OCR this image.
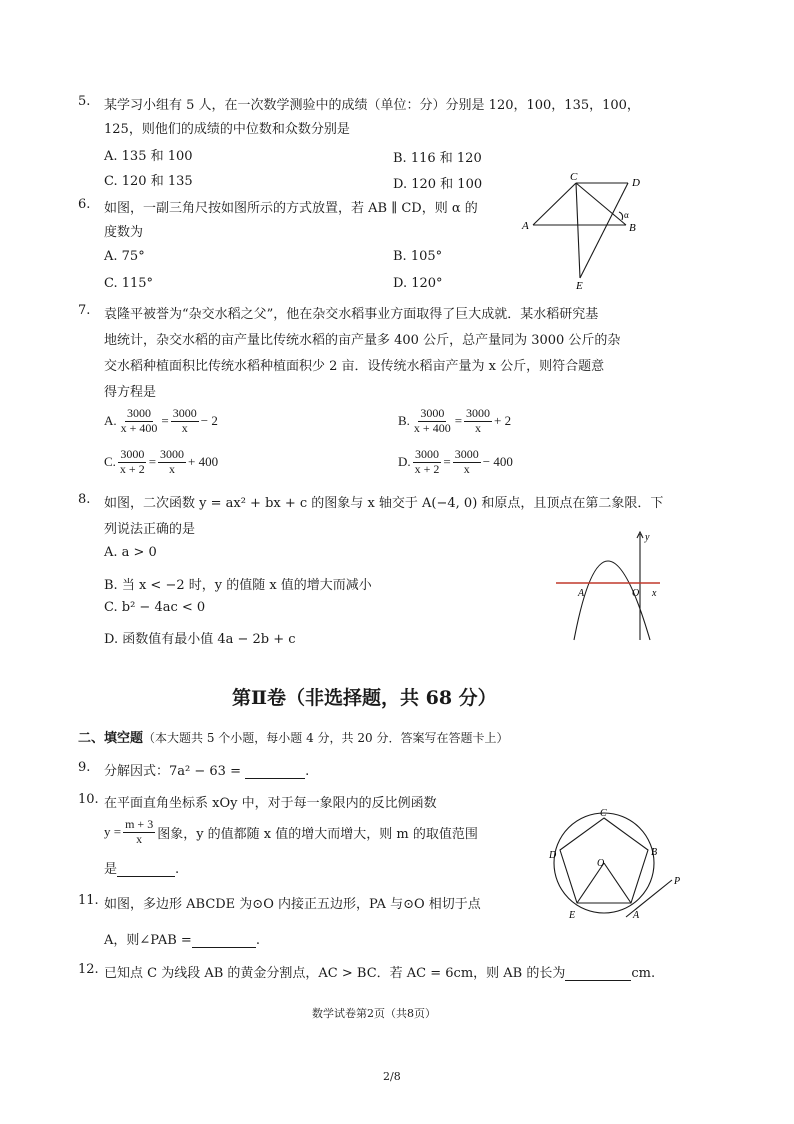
5. 某学习小组有 5 人，在一次数学测验中的成绩（单位：分）分别是 120，100，135，100，
125，则他们的成绩的中位数和众数分别是
A. 135 和 100	B. 116 和 120
C. 120 和 135	D. 120 和 100
6. 如图，一副三角尺按如图所示的方式放置，若 AB ∥ CD，则 α 的
度数为
A. 75°	B. 105°
C. 115°	D. 120°
C	D
A	B
E
α
7. 袁隆平被誉为“杂交水稻之父”，他在杂交水稻事业方面取得了巨大成就．某水稻研究基
地统计，杂交水稻的亩产量比传统水稻的亩产量多 400 公斤，总产量同为 3000 公斤的杂
交水稻种植面积比传统水稻种植面积少 2 亩．设传统水稻亩产量为 x 公斤，则符合题意
得方程是
A. $\frac{3000}{x + 400} = \frac{3000}{x} - 2$	B. $\frac{3000}{x + 400} = \frac{3000}{x} + 2$
C. $\frac{3000}{x + 2} = \frac{3000}{x} + 400$	D. $\frac{3000}{x + 2} = \frac{3000}{x} - 400$
8. 如图，二次函数 y = ax² + bx + c 的图象与 x 轴交于 A(−4, 0) 和原点，且顶点在第二象限．下
列说法正确的是
A. a > 0
B. 当 x < −2 时，y 的值随 x 值的增大而减小
C. b² − 4ac < 0
D. 函数值有最小值 4a − 2b + c
y
A	O x
第Ⅱ卷（非选择题，共 68 分）
二、填空题（本大题共 5 个小题，每小题 4 分，共 20 分．答案写在答题卡上）
9. 分解因式：7a² − 63 =	.
10. 在平面直角坐标系 xOy 中，对于每一象限内的反比例函数
$y = \frac{m + 3}{x}$ 图象，y 的值都随 x 值的增大而增大，则 m 的取值范围
是	.
C
D	B
O
E	A
P
11. 如图，多边形 ABCDE 为⊙O 内接正五边形，PA 与⊙O 相切于点
A，则∠PAB =	.
12. 已知点 C 为线段 AB 的黄金分割点，AC > BC．若 AC = 6cm，则 AB 的长为	cm.
数学试卷第2页（共8页）
2/8
